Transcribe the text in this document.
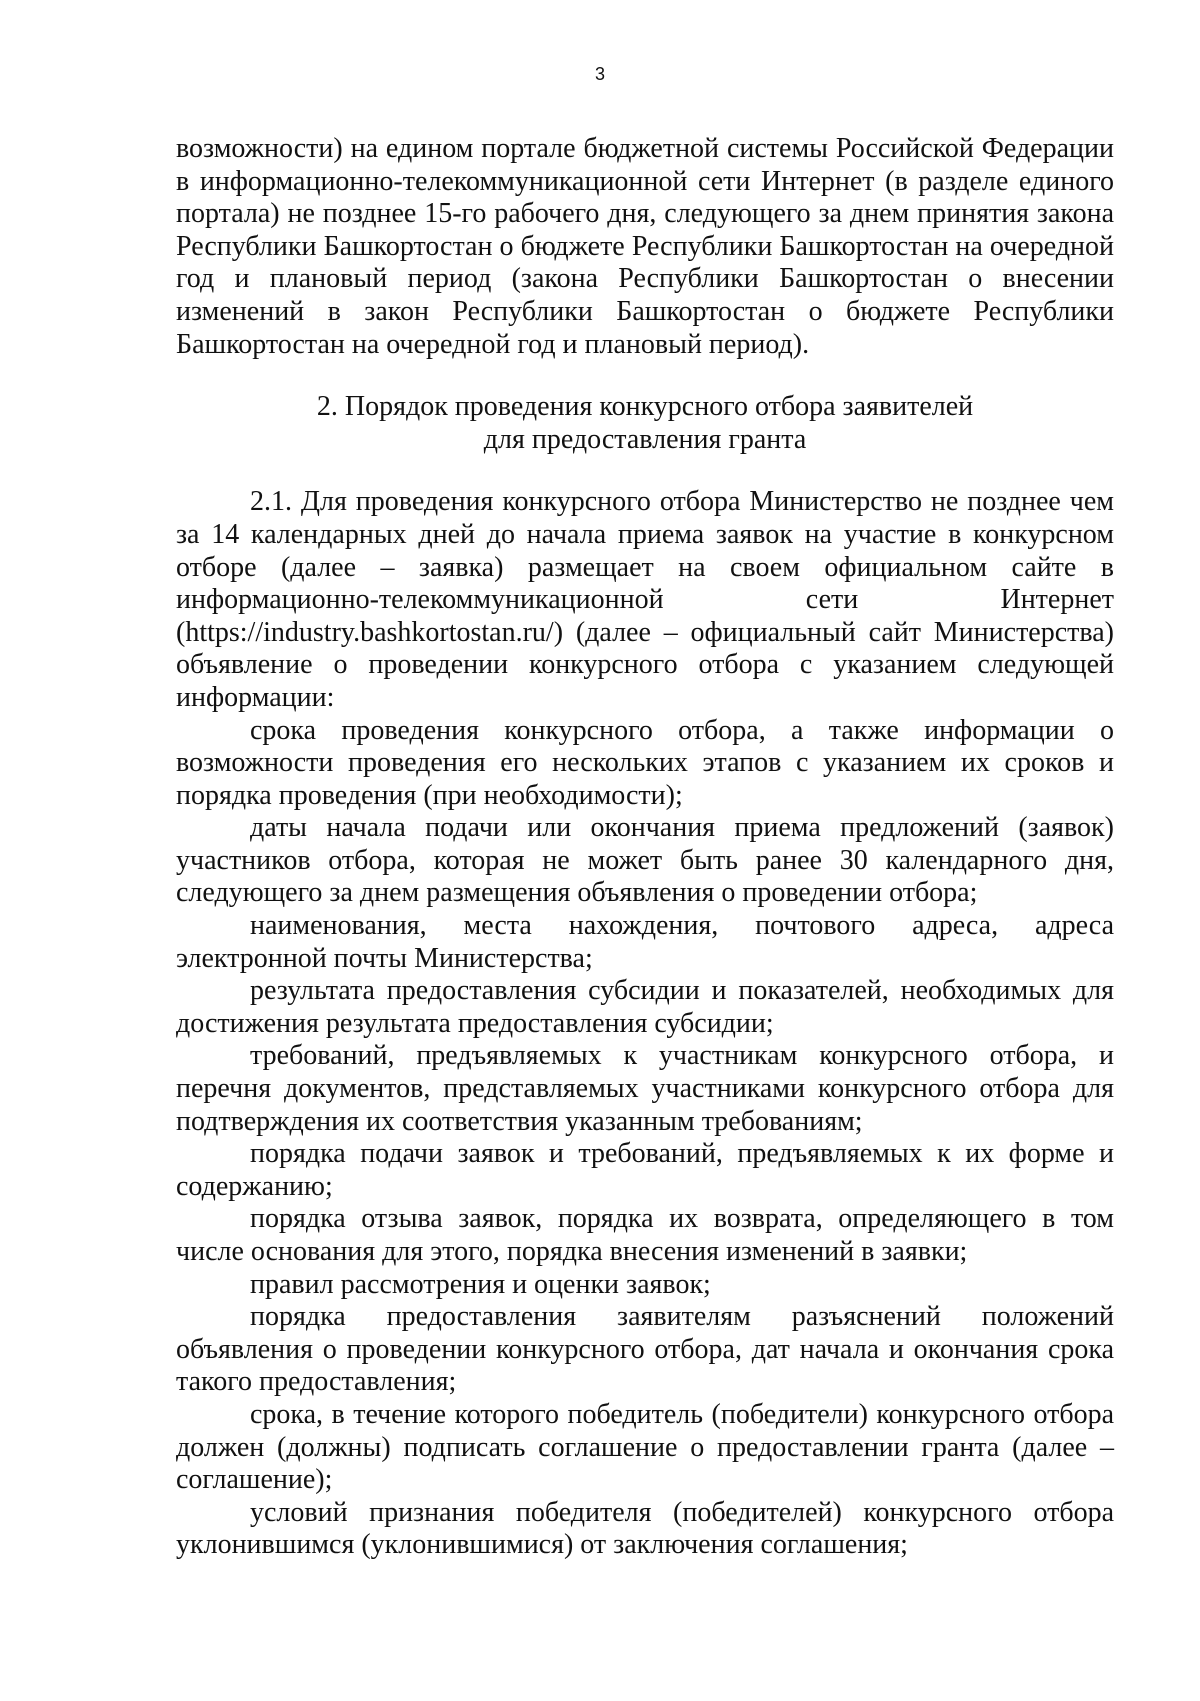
3

возможности) на едином портале бюджетной системы Российской Федерации в информационно-телекоммуникационной сети Интернет (в разделе единого портала) не позднее 15-го рабочего дня, следующего за днем принятия закона Республики Башкортостан о бюджете Республики Башкортостан на очередной год и плановый период (закона Республики Башкортостан о внесении изменений в закон Республики Башкортостан о бюджете Республики Башкортостан на очередной год и плановый период).

2. Порядок проведения конкурсного отбора заявителей
для предоставления гранта

2.1. Для проведения конкурсного отбора Министерство не позднее чем за 14 календарных дней до начала приема заявок на участие в конкурсном отборе (далее – заявка) размещает на своем официальном сайте в информационно-телекоммуникационной сети Интернет (https://industry.bashkortostan.ru/) (далее – официальный сайт Министерства) объявление о проведении конкурсного отбора с указанием следующей информации:

срока проведения конкурсного отбора, а также информации о возможности проведения его нескольких этапов с указанием их сроков и порядка проведения (при необходимости);

даты начала подачи или окончания приема предложений (заявок) участников отбора, которая не может быть ранее 30 календарного дня, следующего за днем размещения объявления о проведении отбора;

наименования, места нахождения, почтового адреса, адреса электронной почты Министерства;

результата предоставления субсидии и показателей, необходимых для достижения результата предоставления субсидии;

требований, предъявляемых к участникам конкурсного отбора, и перечня документов, представляемых участниками конкурсного отбора для подтверждения их соответствия указанным требованиям;

порядка подачи заявок и требований, предъявляемых к их форме и содержанию;

порядка отзыва заявок, порядка их возврата, определяющего в том числе основания для этого, порядка внесения изменений в заявки;

правил рассмотрения и оценки заявок;

порядка предоставления заявителям разъяснений положений объявления о проведении конкурсного отбора, дат начала и окончания срока такого предоставления;

срока, в течение которого победитель (победители) конкурсного отбора должен (должны) подписать соглашение о предоставлении гранта (далее – соглашение);

условий признания победителя (победителей) конкурсного отбора уклонившимся (уклонившимися) от заключения соглашения;
